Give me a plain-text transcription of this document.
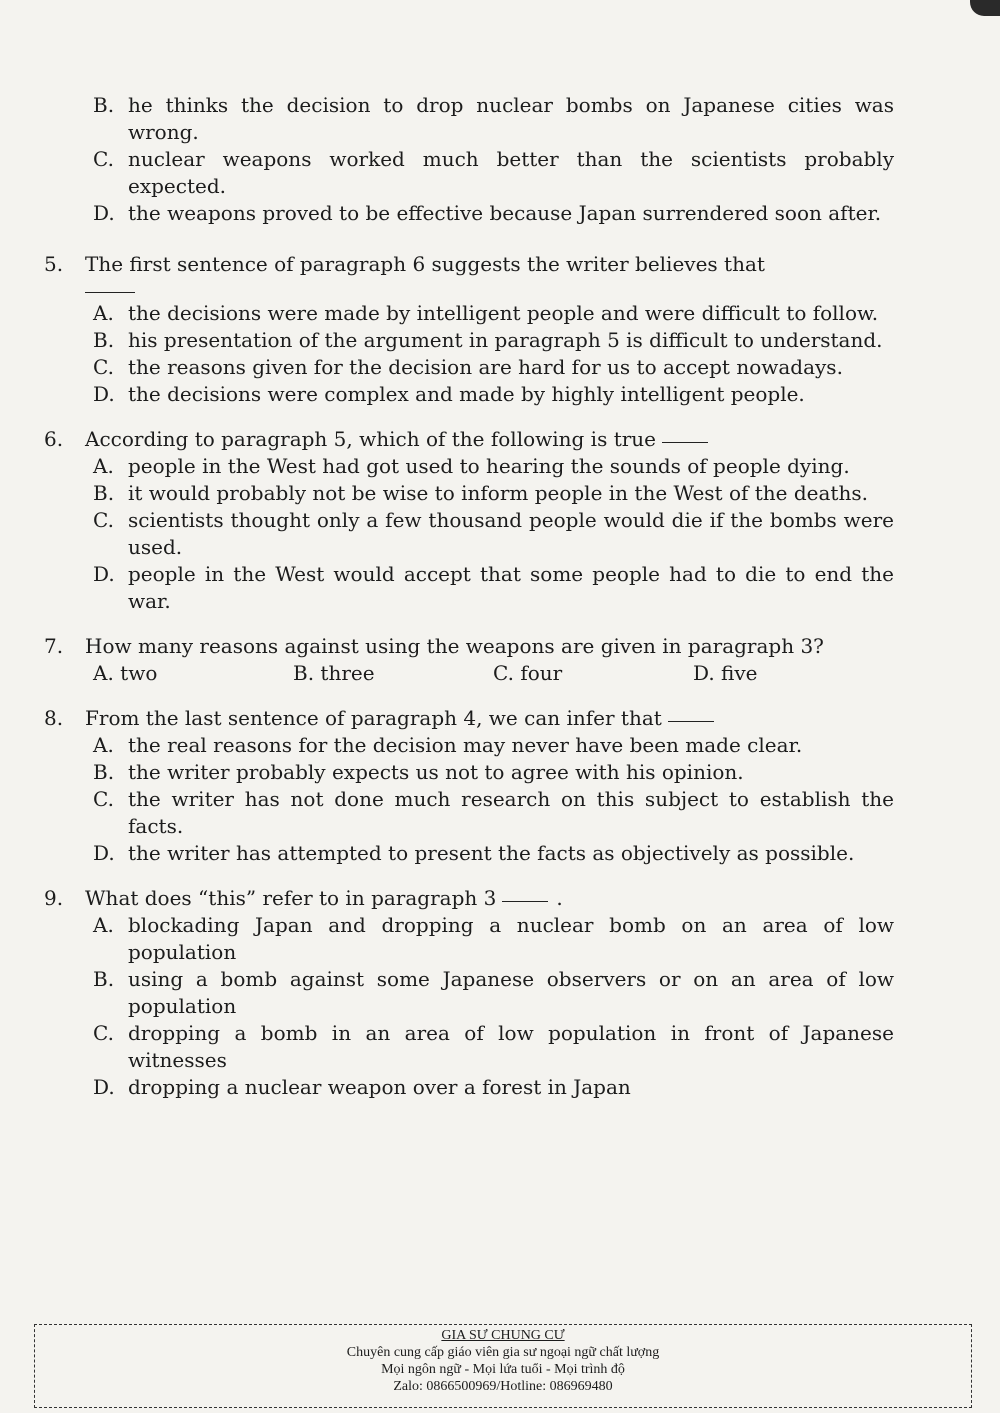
B. he thinks the decision to drop nuclear bombs on Japanese cities was wrong.
C. nuclear weapons worked much better than the scientists probably expected.
D. the weapons proved to be effective because Japan surrendered soon after.
5. The first sentence of paragraph 6 suggests the writer believes that
A. the decisions were made by intelligent people and were difficult to follow.
B. his presentation of the argument in paragraph 5 is difficult to understand.
C. the reasons given for the decision are hard for us to accept nowadays.
D. the decisions were complex and made by highly intelligent people.
6. According to paragraph 5, which of the following is true
A. people in the West had got used to hearing the sounds of people dying.
B. it would probably not be wise to inform people in the West of the deaths.
C. scientists thought only a few thousand people would die if the bombs were used.
D. people in the West would accept that some people had to die to end the war.
7. How many reasons against using the weapons are given in paragraph 3?
A. two	B. three	C. four	D. five
8. From the last sentence of paragraph 4, we can infer that
A. the real reasons for the decision may never have been made clear.
B. the writer probably expects us not to agree with his opinion.
C. the writer has not done much research on this subject to establish the facts.
D. the writer has attempted to present the facts as objectively as possible.
9. What does “this” refer to in paragraph 3	.
A. blockading Japan and dropping a nuclear bomb on an area of low population
B. using a bomb against some Japanese observers or on an area of low population
C. dropping a bomb in an area of low population in front of Japanese witnesses
D. dropping a nuclear weapon over a forest in Japan
GIA SƯ CHUNG CƯ
Chuyên cung cấp giáo viên gia sư ngoại ngữ chất lượng
Mọi ngôn ngữ - Mọi lứa tuổi - Mọi trình độ
Zalo: 0866500969/Hotline: 086969480
